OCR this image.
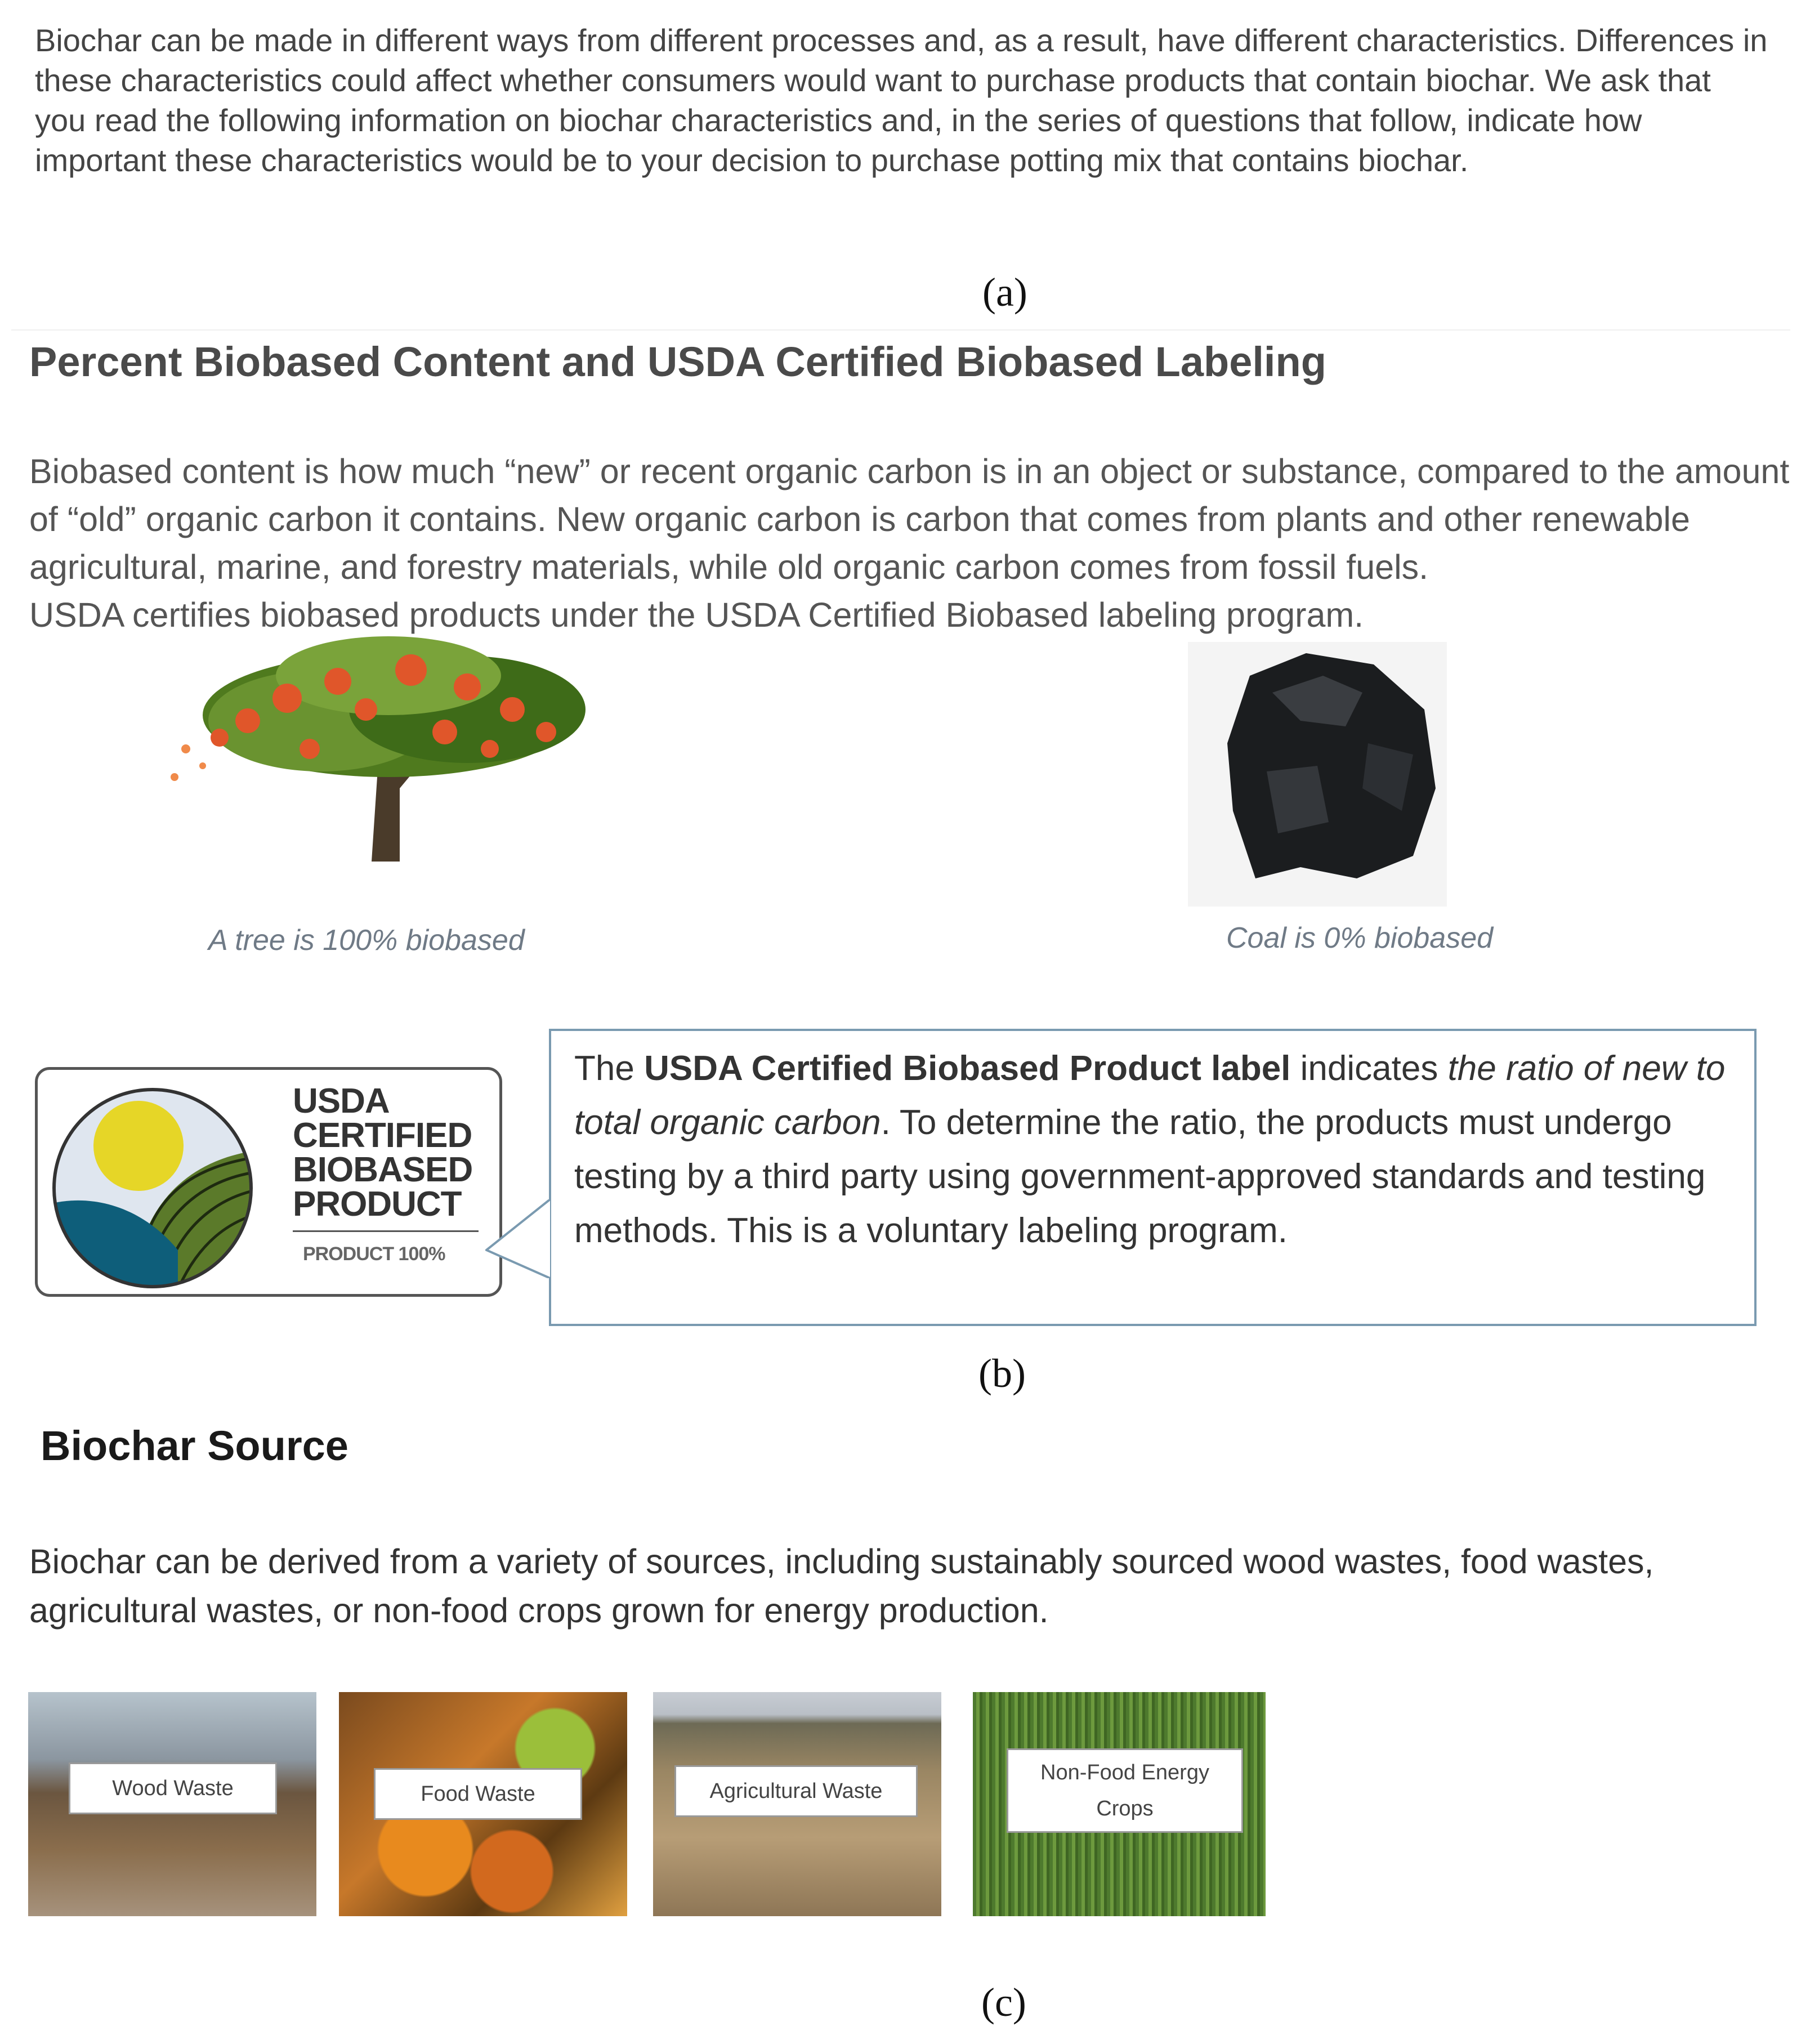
Biochar can be made in different ways from different processes and, as a result, have different characteristics. Differences in these characteristics could affect whether consumers would want to purchase products that contain biochar. We ask that you read the following information on biochar characteristics and, in the series of questions that follow, indicate how important these characteristics would be to your decision to purchase potting mix that contains biochar.
(a)
Percent Biobased Content and USDA Certified Biobased Labeling

Biobased content is how much “new” or recent organic carbon is in an object or substance, compared to the amount of “old” organic carbon it contains. New organic carbon is carbon that comes from plants and other renewable agricultural, marine, and forestry materials, while old organic carbon comes from fossil fuels.

USDA certifies biobased products under the USDA Certified Biobased labeling program.

A tree is 100% biobased	Coal is 0% biobased
USDA
CERTIFIED
BIOBASED
PRODUCT
PRODUCT 100%
The USDA Certified Biobased Product label indicates the ratio of new to total organic carbon. To determine the ratio, the products must undergo testing by a third party using government-approved standards and testing methods. This is a voluntary labeling program.
(b)
Biochar Source
Biochar can be derived from a variety of sources, including sustainably sourced wood wastes, food wastes, agricultural wastes, or non-food crops grown for energy production.
Wood Waste	Food Waste	Agricultural Waste
Non-Food Energy Crops
(c)
